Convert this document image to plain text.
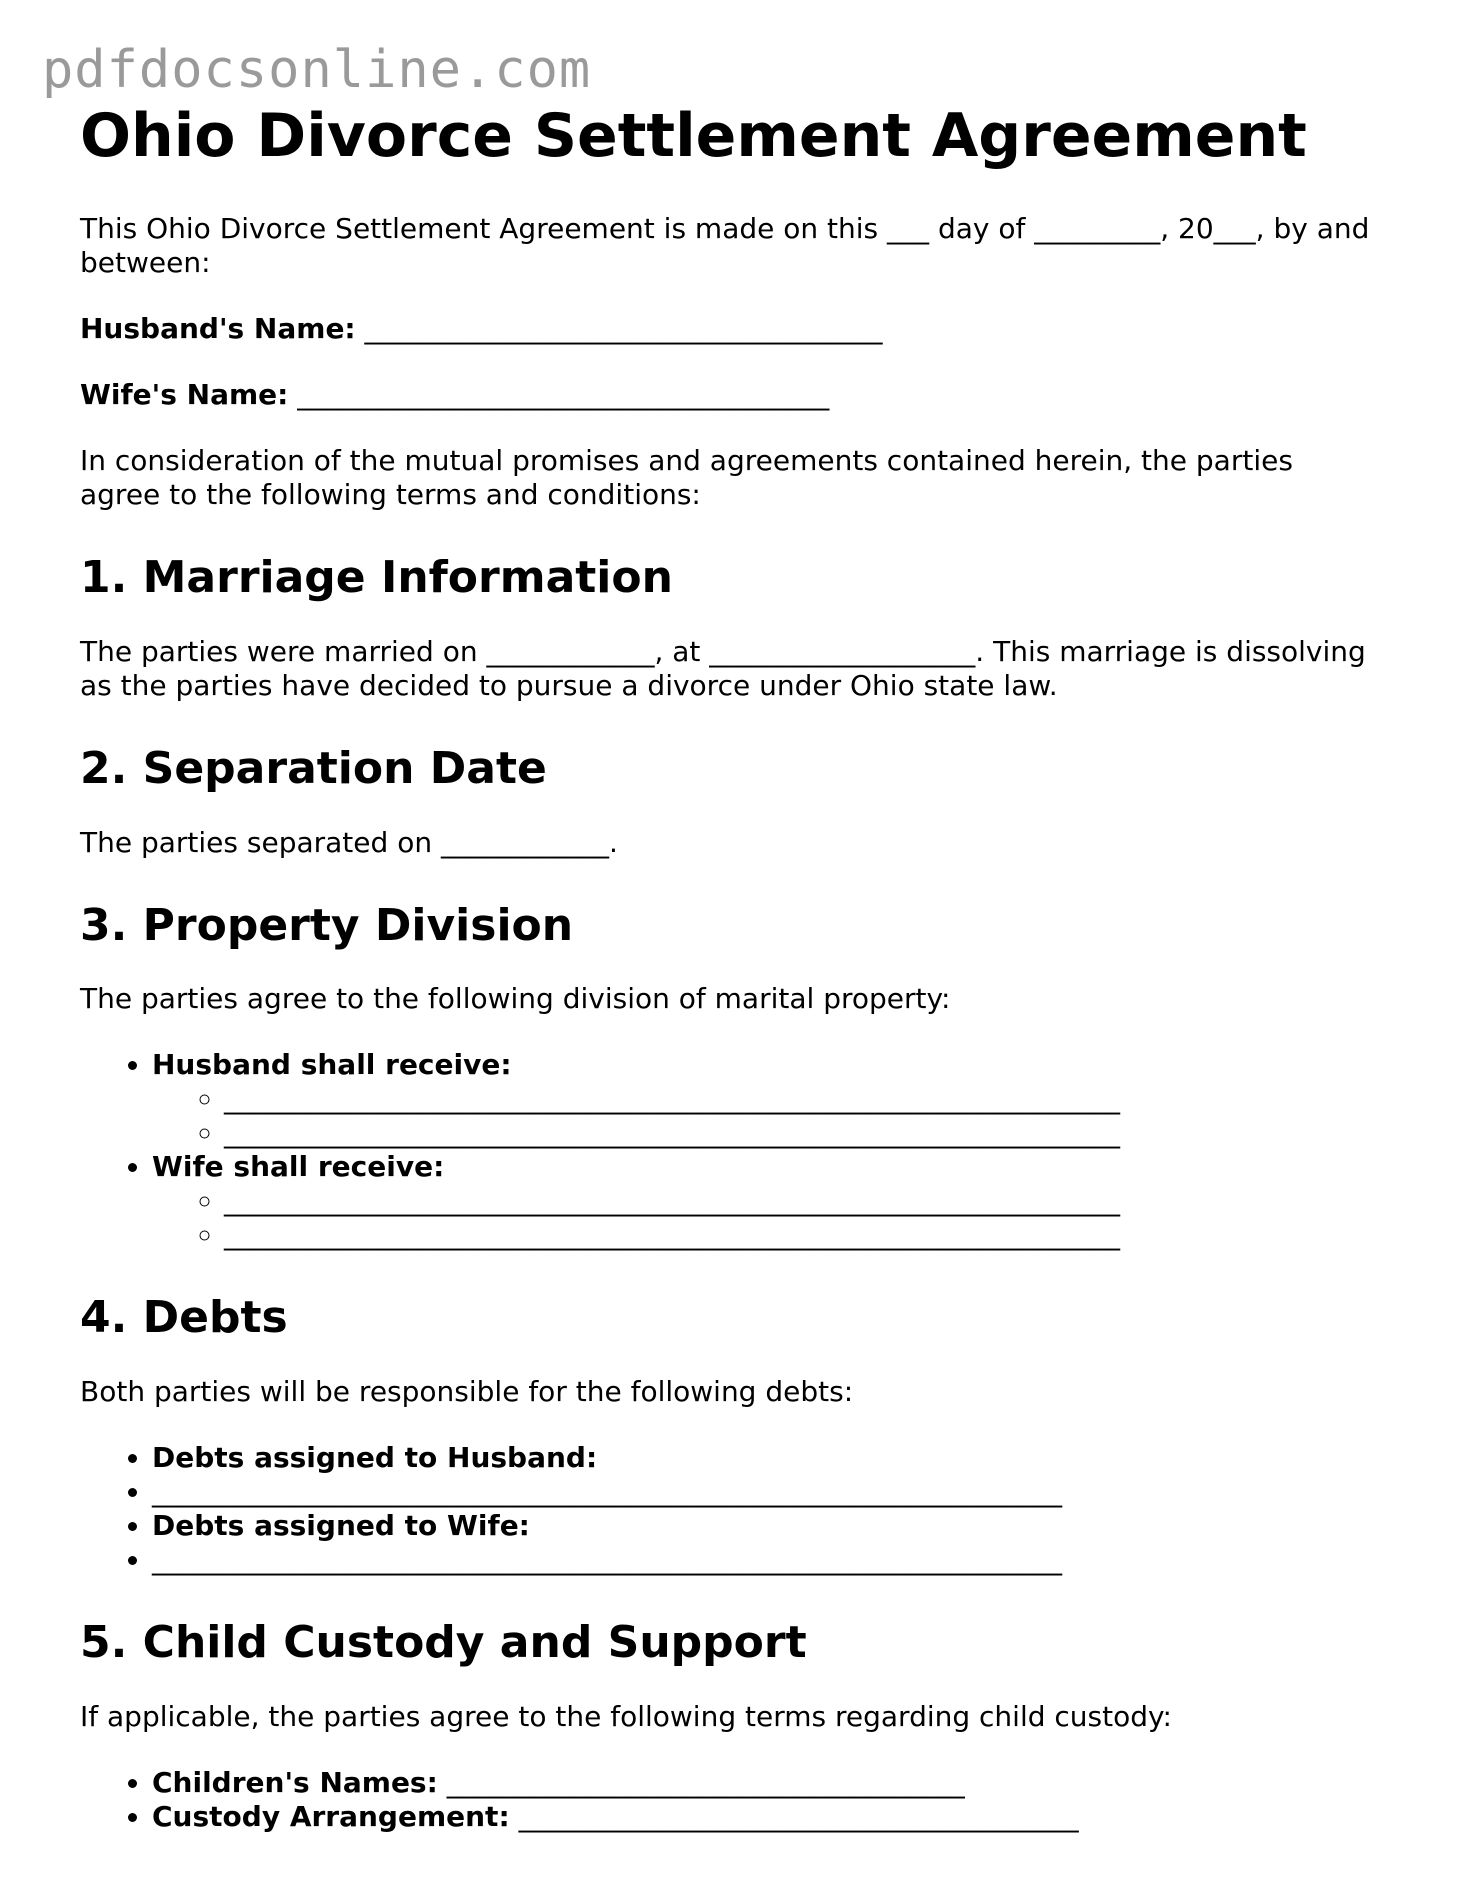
pdfdocsonline.com
Ohio Divorce Settlement Agreement

This Ohio Divorce Settlement Agreement is made on this ___ day of _________, 20___, by and between:

Husband's Name: _____________________________________

Wife's Name: ______________________________________

In consideration of the mutual promises and agreements contained herein, the parties agree to the following terms and conditions:

1. Marriage Information

The parties were married on ____________, at ___________________. This marriage is dissolving as the parties have decided to pursue a divorce under Ohio state law.

2. Separation Date

The parties separated on ____________.

3. Property Division

The parties agree to the following division of marital property:

• Husband shall receive:
◦ ________________________________________________________________
◦ ________________________________________________________________
• Wife shall receive:
◦ ________________________________________________________________
◦ ________________________________________________________________
4. Debts

Both parties will be responsible for the following debts:

• Debts assigned to Husband:
• _________________________________________________________________
• Debts assigned to Wife:
• _________________________________________________________________
5. Child Custody and Support

If applicable, the parties agree to the following terms regarding child custody:

• Children's Names: _____________________________________
• Custody Arrangement: ________________________________________
